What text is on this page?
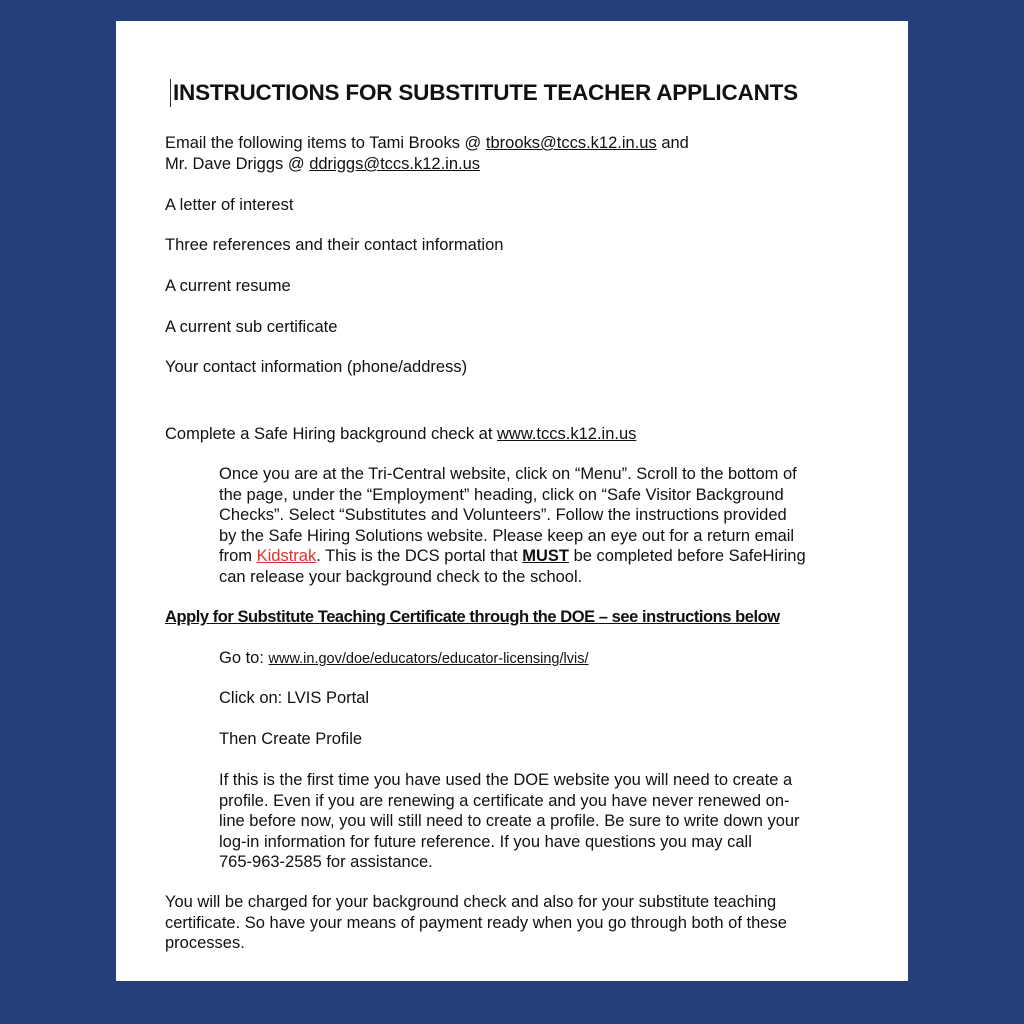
INSTRUCTIONS FOR SUBSTITUTE TEACHER APPLICANTS
Email the following items to Tami Brooks @ tbrooks@tccs.k12.in.us and
Mr. Dave Driggs @ ddriggs@tccs.k12.in.us
A letter of interest
Three references and their contact information
A current resume
A current sub certificate
Your contact information (phone/address)
Complete a Safe Hiring background check at www.tccs.k12.in.us
Once you are at the Tri-Central website, click on “Menu”. Scroll to the bottom of
the page, under the “Employment” heading, click on “Safe Visitor Background
Checks”. Select “Substitutes and Volunteers”. Follow the instructions provided
by the Safe Hiring Solutions website. Please keep an eye out for a return email
from Kidstrak. This is the DCS portal that MUST be completed before SafeHiring
can release your background check to the school.
Apply for Substitute Teaching Certificate through the DOE – see instructions below
Go to: www.in.gov/doe/educators/educator-licensing/lvis/
Click on: LVIS Portal
Then Create Profile
If this is the first time you have used the DOE website you will need to create a
profile. Even if you are renewing a certificate and you have never renewed on-
line before now, you will still need to create a profile. Be sure to write down your
log-in information for future reference. If you have questions you may call
765-963-2585 for assistance.
You will be charged for your background check and also for your substitute teaching
certificate. So have your means of payment ready when you go through both of these
processes.
